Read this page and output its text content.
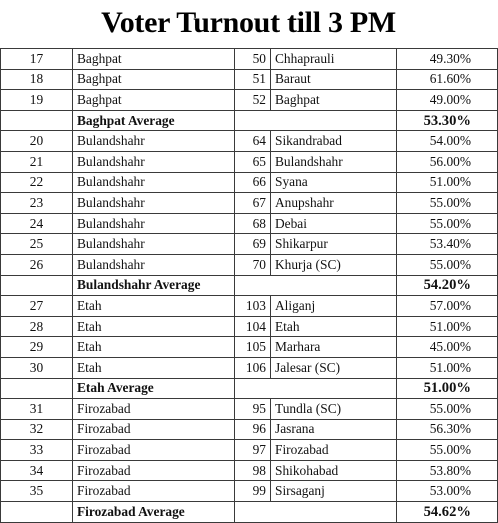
Voter Turnout till 3 PM
17	Baghpat	50	Chhaprauli	49.30%
18	Baghpat	51	Baraut	61.60%
19	Baghpat	52	Baghpat	49.00%
	Baghpat Average			53.30%
20	Bulandshahr	64	Sikandrabad	54.00%
21	Bulandshahr	65	Bulandshahr	56.00%
22	Bulandshahr	66	Syana	51.00%
23	Bulandshahr	67	Anupshahr	55.00%
24	Bulandshahr	68	Debai	55.00%
25	Bulandshahr	69	Shikarpur	53.40%
26	Bulandshahr	70	Khurja (SC)	55.00%
	Bulandshahr Average			54.20%
27	Etah	103	Aliganj	57.00%
28	Etah	104	Etah	51.00%
29	Etah	105	Marhara	45.00%
30	Etah	106	Jalesar (SC)	51.00%
	Etah Average			51.00%
31	Firozabad	95	Tundla (SC)	55.00%
32	Firozabad	96	Jasrana	56.30%
33	Firozabad	97	Firozabad	55.00%
34	Firozabad	98	Shikohabad	53.80%
35	Firozabad	99	Sirsaganj	53.00%
	Firozabad Average			54.62%
